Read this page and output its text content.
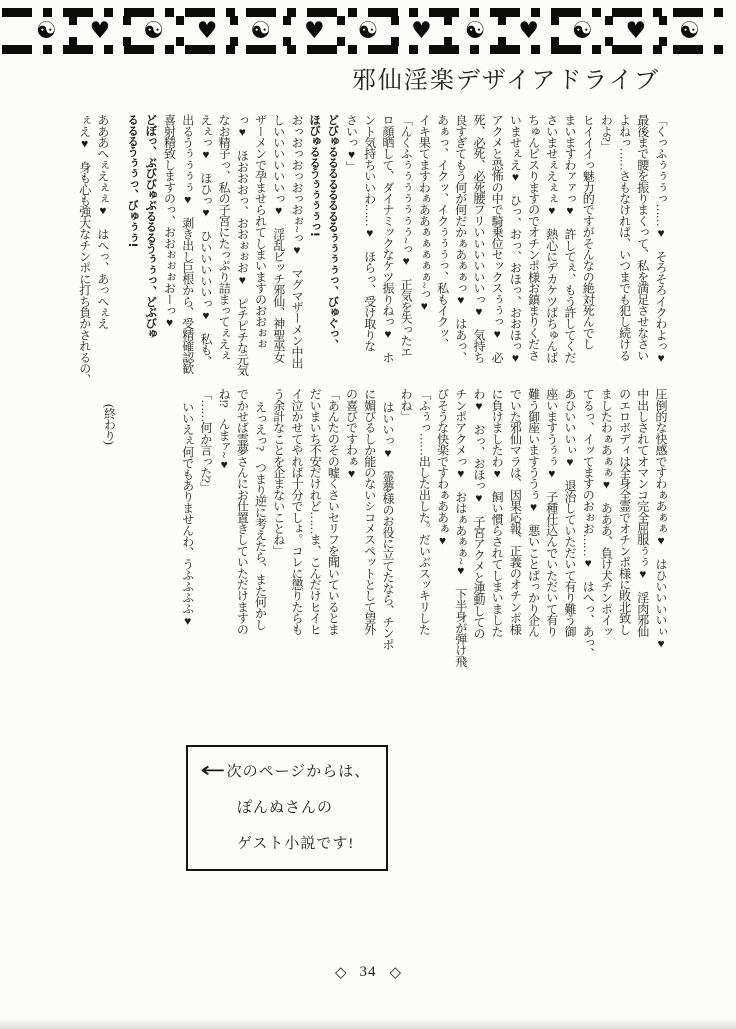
☯ ♥ ☯ ♥ ☯ ♥ ☯ ♥ ☯ ♥ ☯ ♥ ☯
邪仙淫楽デザイアドライブ

「くっふぅぅぅっ……♥　そろそろイクわよっ♥

最後まで腰を振りまくって、私を満足させなさい

よねっ……さもなければ、いつまでも犯し続ける

わよ?」

ヒイイイっ魅力的ですがそんなの絶対死んでし

まいますわァァっ♥　許してぇ、もう許してくだ

さいませぇえぇぇ♥　熱心にデカケツばちゅんば

ちゅんピスりますのでオチンポ様お鎮まりくださ

いませぇえ♥　ひっ、おっ、おほっ、おおほっ♥

アクメと恐怖の中で騎乗位セックスぅぅっ♥　必

死、必死、必死腰フリいいいいいいっ♥　気持ち

良すぎてもう何が何だかぁあぁぁっ♥　はあっ、

あぁっ、イクッ、イクぅぅぅっ、私もイクッ、

イキ果てますわぁああぁぁぁぁぁ~っ♥

「んくふぅぅぅぅぅぅぅ~っ♥　正気を失ったエ

ロ顔晒して、ダイナミックなケツ振りねっ♥　ホ

ント気持ちいいわ……♥　ほらっ、受け取りな

さいっ♥」

どびゅるるるるるるるるぅぅぅぅっ、びゅぐっ、

ほびゅるるうぅぅぅぅっ!

おっおっおっおっおぉ~っ♥　マグマザーメン中出

しいいいいいいっ♥　淫乱ビッチ邪仙、神聖巫女

ザーメンで孕ませられてしまいますのおおぉぉ

っ♥　ほおおおっ、おおぉぉお♥　ピチピチな元気

なお精子っ、私の子宮にたっぷり詰まってぇえぇ

えぇっ♥　ほひっ♥　ひいいいいいっ♥　私も、

出るうぅぅぅぅ♥　剥き出し巨根から、受精確認歓

喜射精致しますのっ、おおぉぉぉおーっ♥

どぼっ、ぶびびゅぶるるるうぅぅっ、どぶびゅ

るるるうぅぅっ、びゅぅぅ!

あああへぇえぇぇ♥　はへっ、あっへぇえ

ぇえ♥　身も心も強大なチンポに打ち負かされるの、

圧倒的な快感ですわぁあぁぁ♥　はひいいいいぃ♥

中出しされてオマンコ完全屈服ぅぅ♥　淫肉邪仙

のエロボディは全身全霊でオチンポ様に敗北致し

ましたわぁあぁぁ♥　あああ、負け犬チンポイッ

てるっ、イッてますのおぉお……♥　はへっ、あっ、

あひいいいぃ♥　退治していただいて有り難う御

座いますうぅぅ♥　子種仕込んでいただいて有り

難う御座いますううぅ♥　悪いことばっかり企ん

でいた邪仙マラは、因果応報、正義のオチンポ様

に負けましたわ♥　飼い慣らされてしまいました

わ♥　おっ、おほっ♥　子宮アクメと連動しての

チンポアクメっ♥　おはぁあぁぁ~♥　下半身が弾け飛

びそうな快楽ですわぁああぁ♥

「ふぅっ……出した出した。だいぶスッキリした

わね」

はいいっ♥　霊夢様のお役に立てたなら、チンポ

に媚びるしか能のないシコメスペットとして望外

の喜びですわぁ♥

「あんたのその嘘くさいセリフを聞いているとま

だいまいち不安だけれど……ま、こんだけヒイヒ

イ泣かせてやれば十分でしょ。コレに懲りたらも

う余計なことを企まないことね」

えっえっ?　つまり逆に考えたら、また何かし

でかせば霊夢さんにお仕置きしていただけますの

ね!?　んまァ~♥

「……何か言った?」

いいえぇ何でもありませんわ、うふふふふ♥

(終わり)

← 次のページからは、
ぽんぬさんの
ゲスト小説です!
◇ 34 ◇
